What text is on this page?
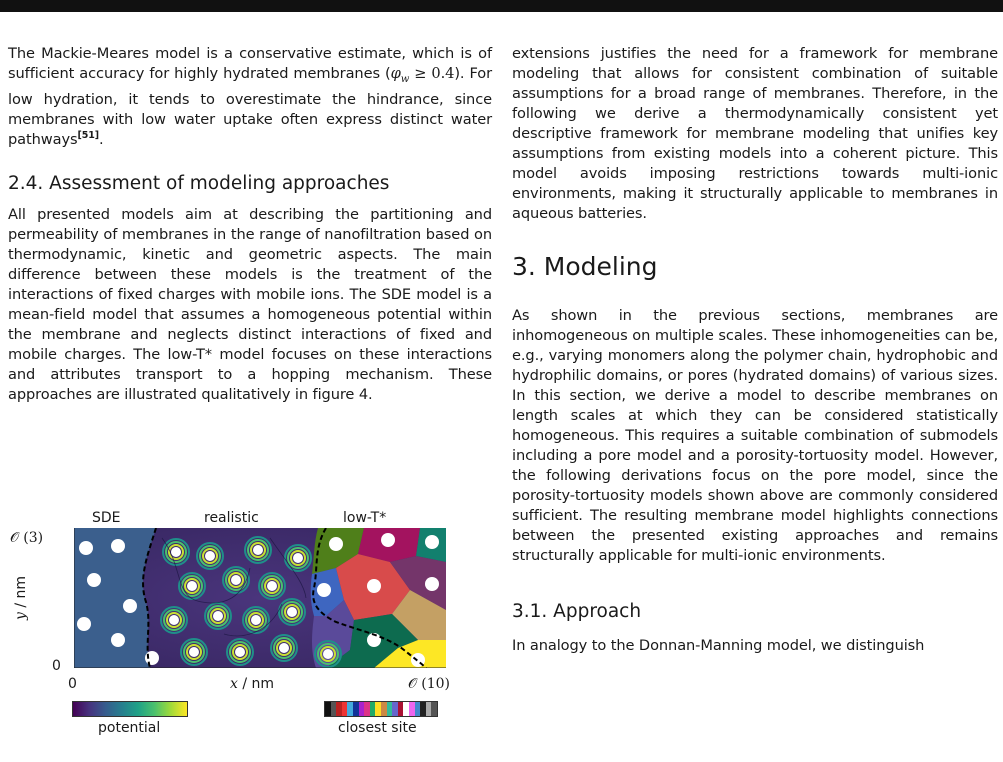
The Mackie-Meares model is a conservative estimate, which is of sufficient accuracy for highly hydrated membranes $(\varphi_w \ge 0.4)$. For low hydration, it tends to overestimate the hindrance, since membranes with low water uptake often express distinct water pathways[51].

2.4. Assessment of modeling approaches

All presented models aim at describing the partitioning and permeability of membranes in the range of nanofiltration based on thermodynamic, kinetic and geometric aspects. The main difference between these models is the treatment of the interactions of fixed charges with mobile ions. The SDE model is a mean-field model that assumes a homogeneous potential within the membrane and neglects distinct interactions of fixed and mobile charges. The low-T* model focuses on these interactions and attributes transport to a hopping mechanism. These approaches are illustrated qualitatively in figure 4.

SDE	realistic	low-T*
𝒪 (3)
0
y / nm
0	𝒪 (10)
x / nm
potential	closest site

extensions justifies the need for a framework for membrane modeling that allows for consistent combination of suitable assumptions for a broad range of membranes. Therefore, in the following we derive a thermodynamically consistent yet descriptive framework for membrane modeling that unifies key assumptions from existing models into a coherent picture. This model avoids imposing restrictions towards multi-ionic environments, making it structurally applicable to membranes in aqueous batteries.

3. Modeling

As shown in the previous sections, membranes are inhomogeneous on multiple scales. These inhomogeneities can be, e.g., varying monomers along the polymer chain, hydrophobic and hydrophilic domains, or pores (hydrated domains) of various sizes. In this section, we derive a model to describe membranes on length scales at which they can be considered statistically homogeneous. This requires a suitable combination of submodels including a pore model and a porosity-tortuosity model. However, the following derivations focus on the pore model, since the porosity-tortuosity models shown above are commonly considered sufficient. The resulting membrane model highlights connections between the presented existing approaches and remains structurally applicable for multi-ionic environments.

3.1. Approach

In analogy to the Donnan-Manning model, we distinguish
